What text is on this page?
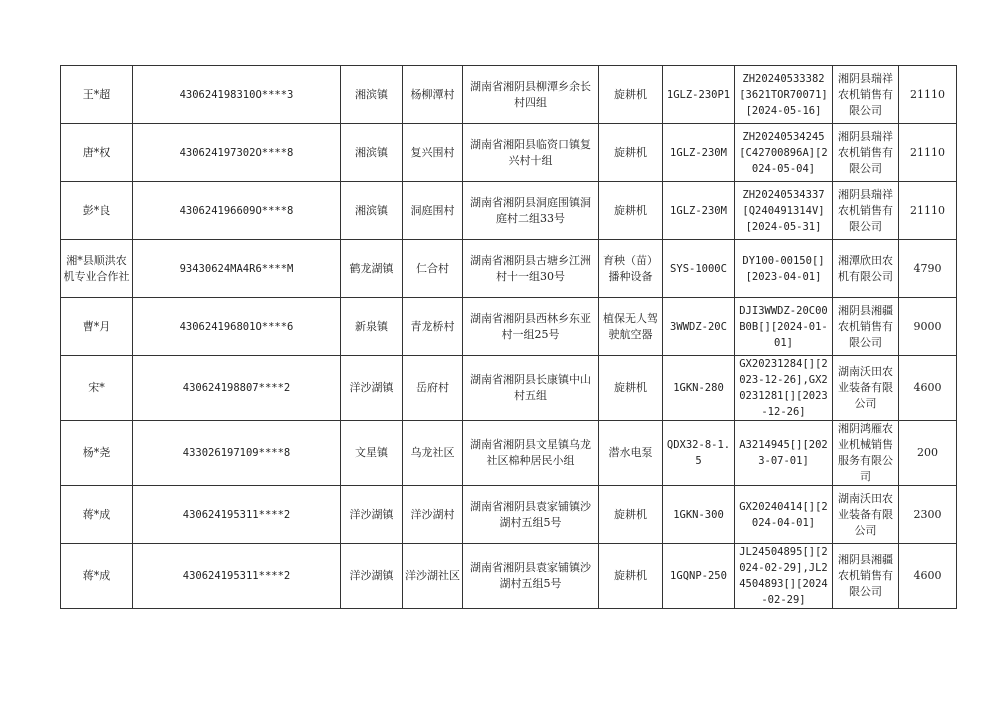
王*超	430624198310O****3	湘滨镇	杨柳潭村	湖南省湘阴县柳潭乡余长村四组	旋耕机	1GLZ-230P1	ZH20240533382[3621TOR70071][2024-05-16]	湘阴县瑞祥农机销售有限公司	21110
唐*权	430624197302O****8	湘滨镇	复兴围村	湖南省湘阳县临资口镇复兴村十组	旋耕机	1GLZ-230M	ZH20240534245[C42700896A][2024-05-04]	湘阴县瑞祥农机销售有限公司	21110
彭*良	430624196609O****8	湘滨镇	洞庭围村	湖南省湘阴县洞庭围镇洞庭村二组33号	旋耕机	1GLZ-230M	ZH20240534337[Q240491314V][2024-05-31]	湘阴县瑞祥农机销售有限公司	21110
湘*县顺洪农机专业合作社	93430624MA4R6****M	鹤龙湖镇	仁合村	湖南省湘阴县古塘乡江洲村十一组30号	育秧（苗）播种设备	SYS-1000C	DY100-00150[][2023-04-01]	湘潭欣田农机有限公司	4790
曹*月	430624196801O****6	新泉镇	青龙桥村	湖南省湘阴县西林乡东亚村一组25号	植保无人驾驶航空器	3WWDZ-20C	DJI3WWDZ-20C00B0B[][2024-01-01]	湘阴县湘疆农机销售有限公司	9000
宋*	430624198807****2	洋沙湖镇	岳府村	湖南省湘阴县长康镇中山村五组	旋耕机	1GKN-280	GX20231284[][2023-12-26],GX20231281[][2023-12-26]	湖南沃田农业装备有限公司	4600
杨*尧	433026197109****8	文星镇	乌龙社区	湖南省湘阴县文星镇乌龙社区棉种居民小组	潜水电泵	QDX32-8-1.5	A3214945[][2023-07-01]	湘阴鸿雁农业机械销售服务有限公司	200
蒋*成	430624195311****2	洋沙湖镇	洋沙湖村	湖南省湘阴县袁家铺镇沙湖村五组5号	旋耕机	1GKN-300	GX20240414[][2024-04-01]	湖南沃田农业装备有限公司	2300
蒋*成	430624195311****2	洋沙湖镇	洋沙湖社区	湖南省湘阴县袁家铺镇沙湖村五组5号	旋耕机	1GQNP-250	JL24504895[][2024-02-29],JL24504893[][2024-02-29]	湘阴县湘疆农机销售有限公司	4600
